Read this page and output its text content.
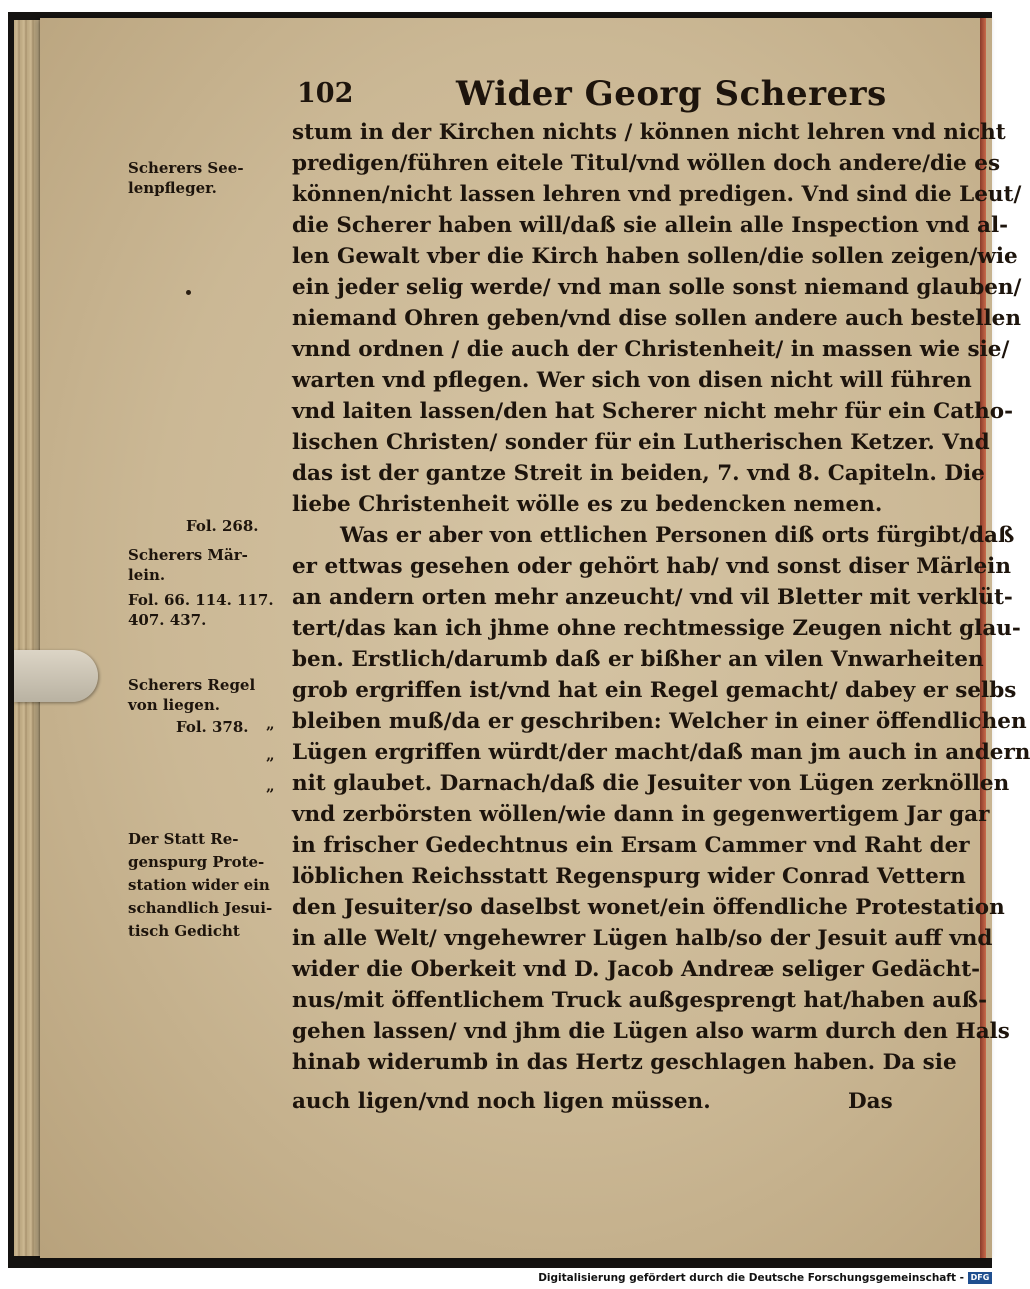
102	Wider Georg Scherers
stum in der Kirchen nichts / können nicht lehren vnd nicht
predigen/führen eitele Titul/vnd wöllen doch andere/die es
können/nicht lassen lehren vnd predigen. Vnd sind die Leut/
die Scherer haben will/daß sie allein alle Inspection vnd al-
len Gewalt vber die Kirch haben sollen/die sollen zeigen/wie
ein jeder selig werde/ vnd man solle sonst niemand glauben/
niemand Ohren geben/vnd dise sollen andere auch bestellen
vnnd ordnen / die auch der Christenheit/ in massen wie sie/
warten vnd pflegen. Wer sich von disen nicht will führen
vnd laiten lassen/den hat Scherer nicht mehr für ein Catho-
lischen Christen/ sonder für ein Lutherischen Ketzer. Vnd
das ist der gantze Streit in beiden, 7. vnd 8. Capiteln. Die
liebe Christenheit wölle es zu bedencken nemen.
Was er aber von ettlichen Personen diß orts fürgibt/daß
er ettwas gesehen oder gehört hab/ vnd sonst diser Märlein
an andern orten mehr anzeucht/ vnd vil Bletter mit verklüt-
tert/das kan ich jhme ohne rechtmessige Zeugen nicht glau-
ben. Erstlich/darumb daß er bißher an vilen Vnwarheiten
grob ergriffen ist/vnd hat ein Regel gemacht/ dabey er selbs
bleiben muß/da er geschriben: Welcher in einer öffendlichen
Lügen ergriffen würdt/der macht/daß man jm auch in andern
nit glaubet. Darnach/daß die Jesuiter von Lügen zerknöllen
vnd zerbörsten wöllen/wie dann in gegenwertigem Jar gar
in frischer Gedechtnus ein Ersam Cammer vnd Raht der
löblichen Reichsstatt Regenspurg wider Conrad Vettern
den Jesuiter/so daselbst wonet/ein öffendliche Protestation
in alle Welt/ vngehewrer Lügen halb/so der Jesuit auff vnd
wider die Oberkeit vnd D. Jacob Andreæ seliger Gedächt-
nus/mit öffentlichem Truck außgesprengt hat/haben auß-
gehen lassen/ vnd jhm die Lügen also warm durch den Hals
hinab widerumb in das Hertz geschlagen haben. Da sie
auch ligen/vnd noch ligen müssen.	Das
Scherers See-
lenpfleger.
Fol. 268.
Scherers Mär-
lein.
Fol. 66. 114. 117.
407. 437.
Scherers Regel
von liegen.
Fol. 378. „
„
„
Der Statt Re-
genspurg Prote-
station wider ein
schandlich Jesui-
tisch Gedicht
Digitalisierung gefördert durch die Deutsche Forschungsgemeinschaft - DFG
